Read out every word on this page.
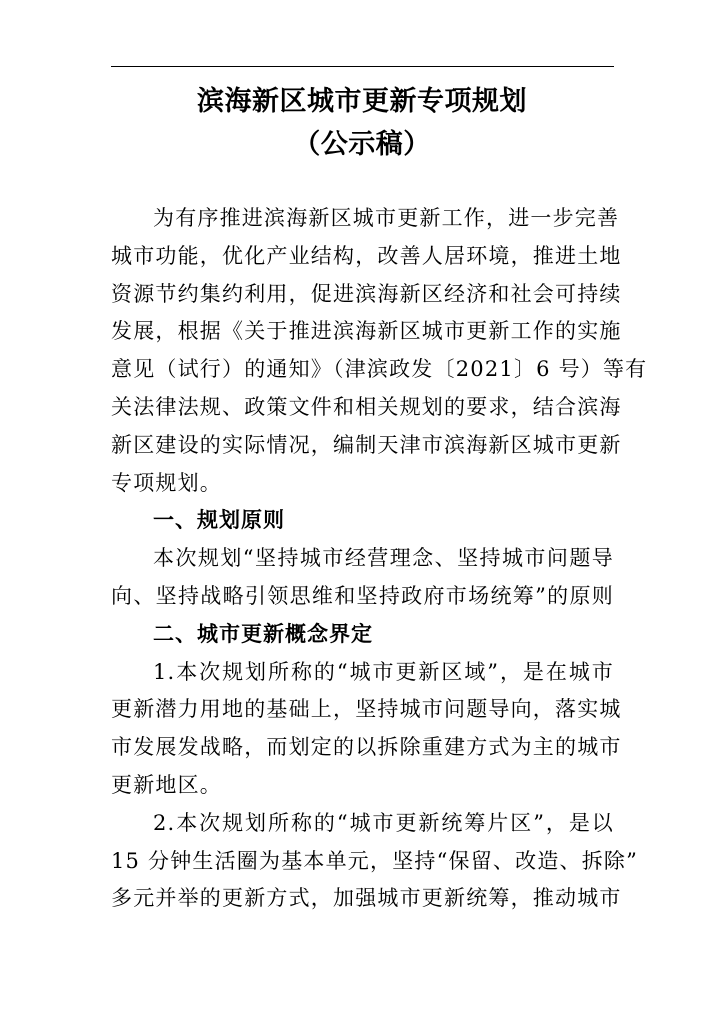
滨海新区城市更新专项规划
（公示稿）
为有序推进滨海新区城市更新工作，进一步完善
城市功能，优化产业结构，改善人居环境，推进土地
资源节约集约利用，促进滨海新区经济和社会可持续
发展，根据《关于推进滨海新区城市更新工作的实施
意见（试行）的通知》（津滨政发〔2021〕6 号）等有
关法律法规、政策文件和相关规划的要求，结合滨海
新区建设的实际情况，编制天津市滨海新区城市更新
专项规划。
一、规划原则
本次规划“坚持城市经营理念、坚持城市问题导
向、坚持战略引领思维和坚持政府市场统筹”的原则
二、城市更新概念界定
1.本次规划所称的“城市更新区域”，是在城市
更新潜力用地的基础上，坚持城市问题导向，落实城
市发展发战略，而划定的以拆除重建方式为主的城市
更新地区。
2.本次规划所称的“城市更新统筹片区”，是以
15 分钟生活圈为基本单元，坚持“保留、改造、拆除”
多元并举的更新方式，加强城市更新统筹，推动城市
